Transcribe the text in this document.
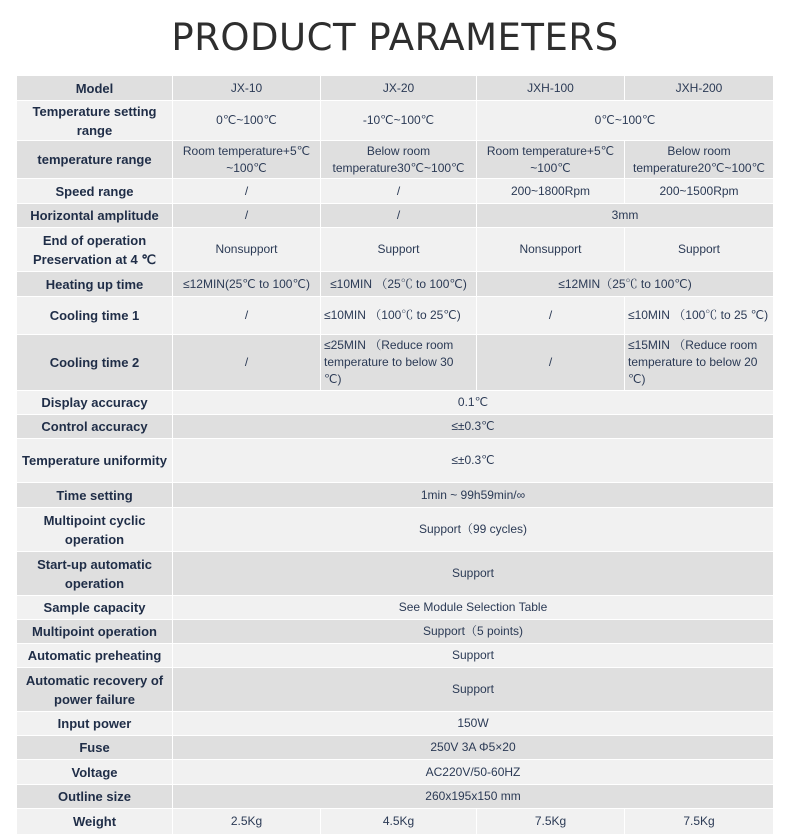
PRODUCT PARAMETERS
Model	JX-10	JX-20	JXH-100	JXH-200
Temperature setting range	0℃~100℃	-10℃~100℃	0℃~100℃	
temperature range	Room temperature+5℃ ~100℃	Below room temperature30℃~100℃	Room temperature+5℃ ~100℃	Below room temperature20℃~100℃
Speed range	/	/	200~1800Rpm	200~1500Rpm
Horizontal amplitude	/	/	3mm	
End of operation Preservation at 4 ℃	Nonsupport	Support	Nonsupport	Support
Heating up time	≤12MIN(25℃ to 100℃)	≤10MIN （25℃ to 100℃)	≤12MIN（25℃ to 100℃)	
Cooling time 1	/	≤10MIN （100℃ to 25℃)	/	≤10MIN （100℃ to 25 ℃)
Cooling time 2	/	≤25MIN （Reduce room temperature to below 30 ℃)	/	≤15MIN （Reduce room temperature to below 20 ℃)
Display accuracy	0.1℃			
Control accuracy	≤±0.3℃			
Temperature uniformity	≤±0.3℃			
Time setting	1min ~ 99h59min/∞			
Multipoint cyclic operation	Support（99 cycles)			
Start-up automatic operation	Support			
Sample capacity	See Module Selection Table			
Multipoint operation	Support（5 points)			
Automatic preheating	Support			
Automatic recovery of power failure	Support			
Input power	150W			
Fuse	250V 3A Φ5×20			
Voltage	AC220V/50-60HZ			
Outline size	260x195x150 mm			
Weight	2.5Kg	4.5Kg	7.5Kg	7.5Kg
